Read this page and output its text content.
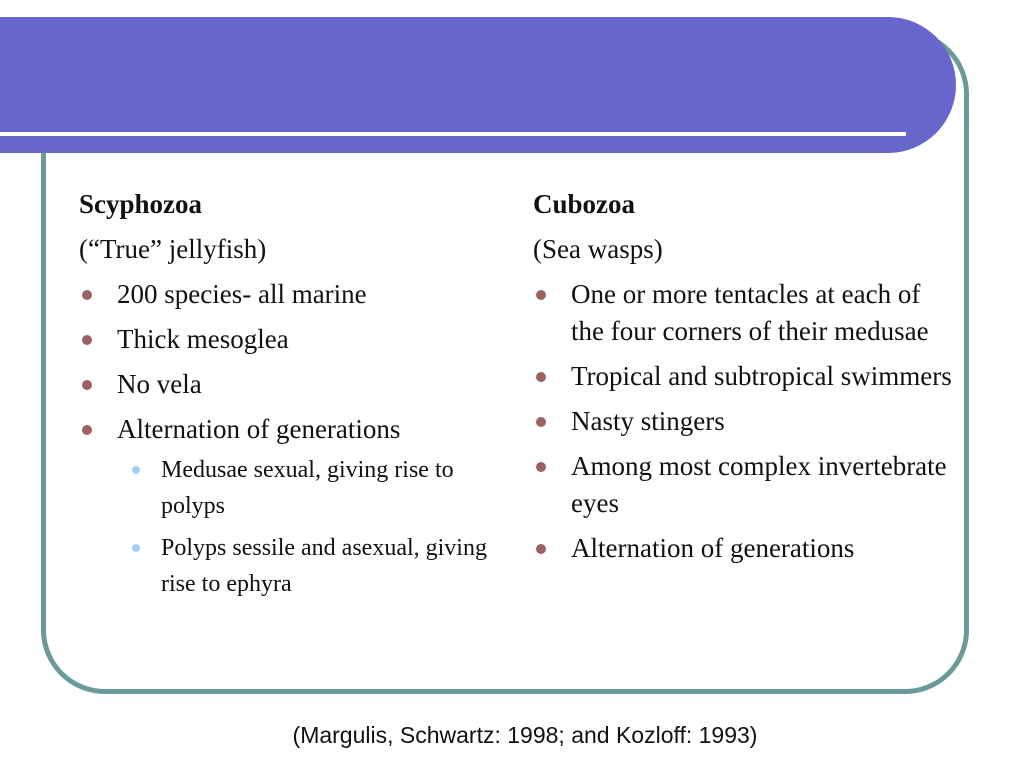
Scyphozoa
(“True” jellyfish)
200 species- all marine
Thick mesoglea
No vela
Alternation of generations
Medusae sexual, giving rise to polyps
Polyps sessile and asexual, giving rise to ephyra
Cubozoa
(Sea wasps)
One or more tentacles at each of the four corners of their medusae
Tropical and subtropical swimmers
Nasty stingers
Among most complex invertebrate eyes
Alternation of generations
(Margulis, Schwartz: 1998; and Kozloff: 1993)
